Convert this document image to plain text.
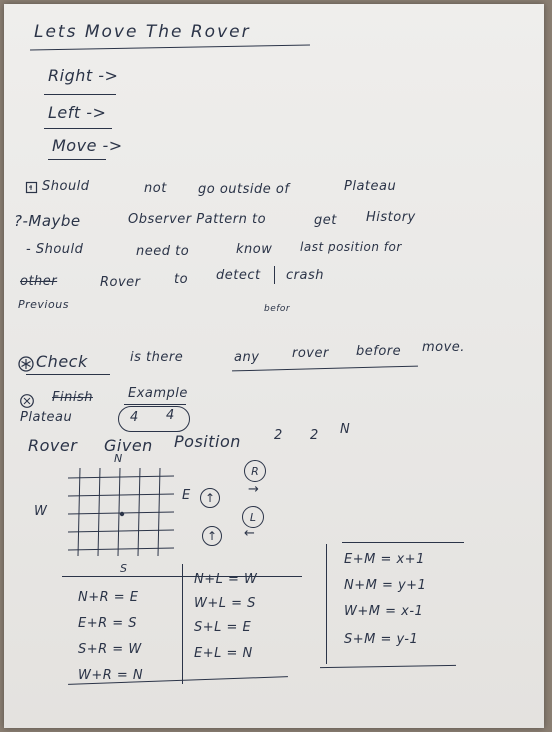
Lets Move The Rover
Right ->
Left ->
Move ->
Should	not go outside of	Plateau
?-Maybe	Observer Pattern to	get History
- Should	need to	know last position for
other	Rover	to detect crash
Previous	befor
Check	is there	any	rover before move.
Finish	Example
Plateau	4 4
Rover Given Position	2 2 N
N
W
S
E	↑
↑
R
→
L
←
N+R = E
E+R = S
S+R = W
W+R = N
N+L = W
W+L = S
S+L = E
E+L = N
E+M = x+1
N+M = y+1
W+M = x-1
S+M = y-1
